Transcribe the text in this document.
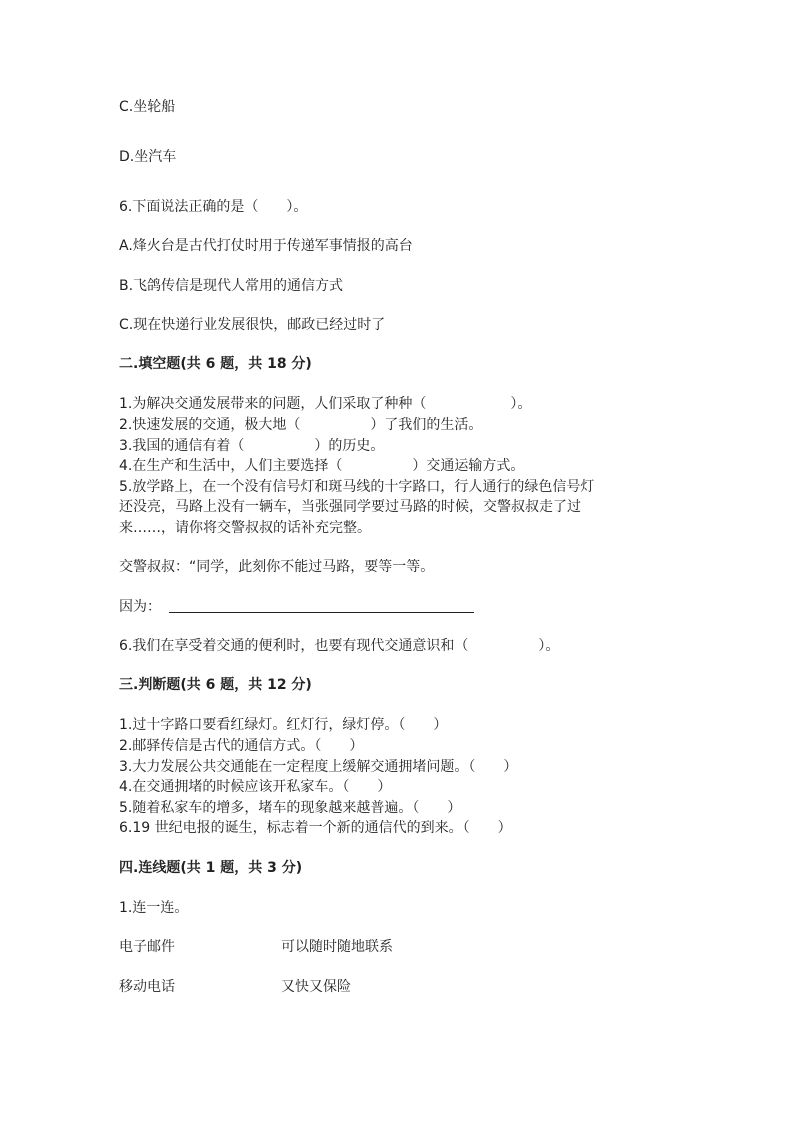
C.坐轮船
D.坐汽车
6.下面说法正确的是（　　）。
A.烽火台是古代打仗时用于传递军事情报的高台
B.飞鸽传信是现代人常用的通信方式
C.现在快递行业发展很快，邮政已经过时了
二.填空题(共 6 题，共 18 分)
1.为解决交通发展带来的问题，人们采取了种种（　　　　　　）。
2.快速发展的交通，极大地（　　　　　）了我们的生活。
3.我国的通信有着（　　　　　）的历史。
4.在生产和生活中，人们主要选择（　　　　　）交通运输方式。
5.放学路上，在一个没有信号灯和斑马线的十字路口，行人通行的绿色信号灯
还没亮，马路上没有一辆车，当张强同学要过马路的时候，交警叔叔走了过
来……，请你将交警叔叔的话补充完整。
交警叔叔：“同学，此刻你不能过马路，要等一等。
因为：
6.我们在享受着交通的便利时，也要有现代交通意识和（　　　　　）。
三.判断题(共 6 题，共 12 分)
1.过十字路口要看红绿灯。红灯行，绿灯停。（　　）
2.邮驿传信是古代的通信方式。（　　）
3.大力发展公共交通能在一定程度上缓解交通拥堵问题。（　　）
4.在交通拥堵的时候应该开私家车。（　　）
5.随着私家车的增多，堵车的现象越来越普遍。（　　）
6.19 世纪电报的诞生，标志着一个新的通信代的到来。（　　）
四.连线题(共 1 题，共 3 分)
1.连一连。
电子邮件	可以随时随地联系
移动电话	又快又保险
